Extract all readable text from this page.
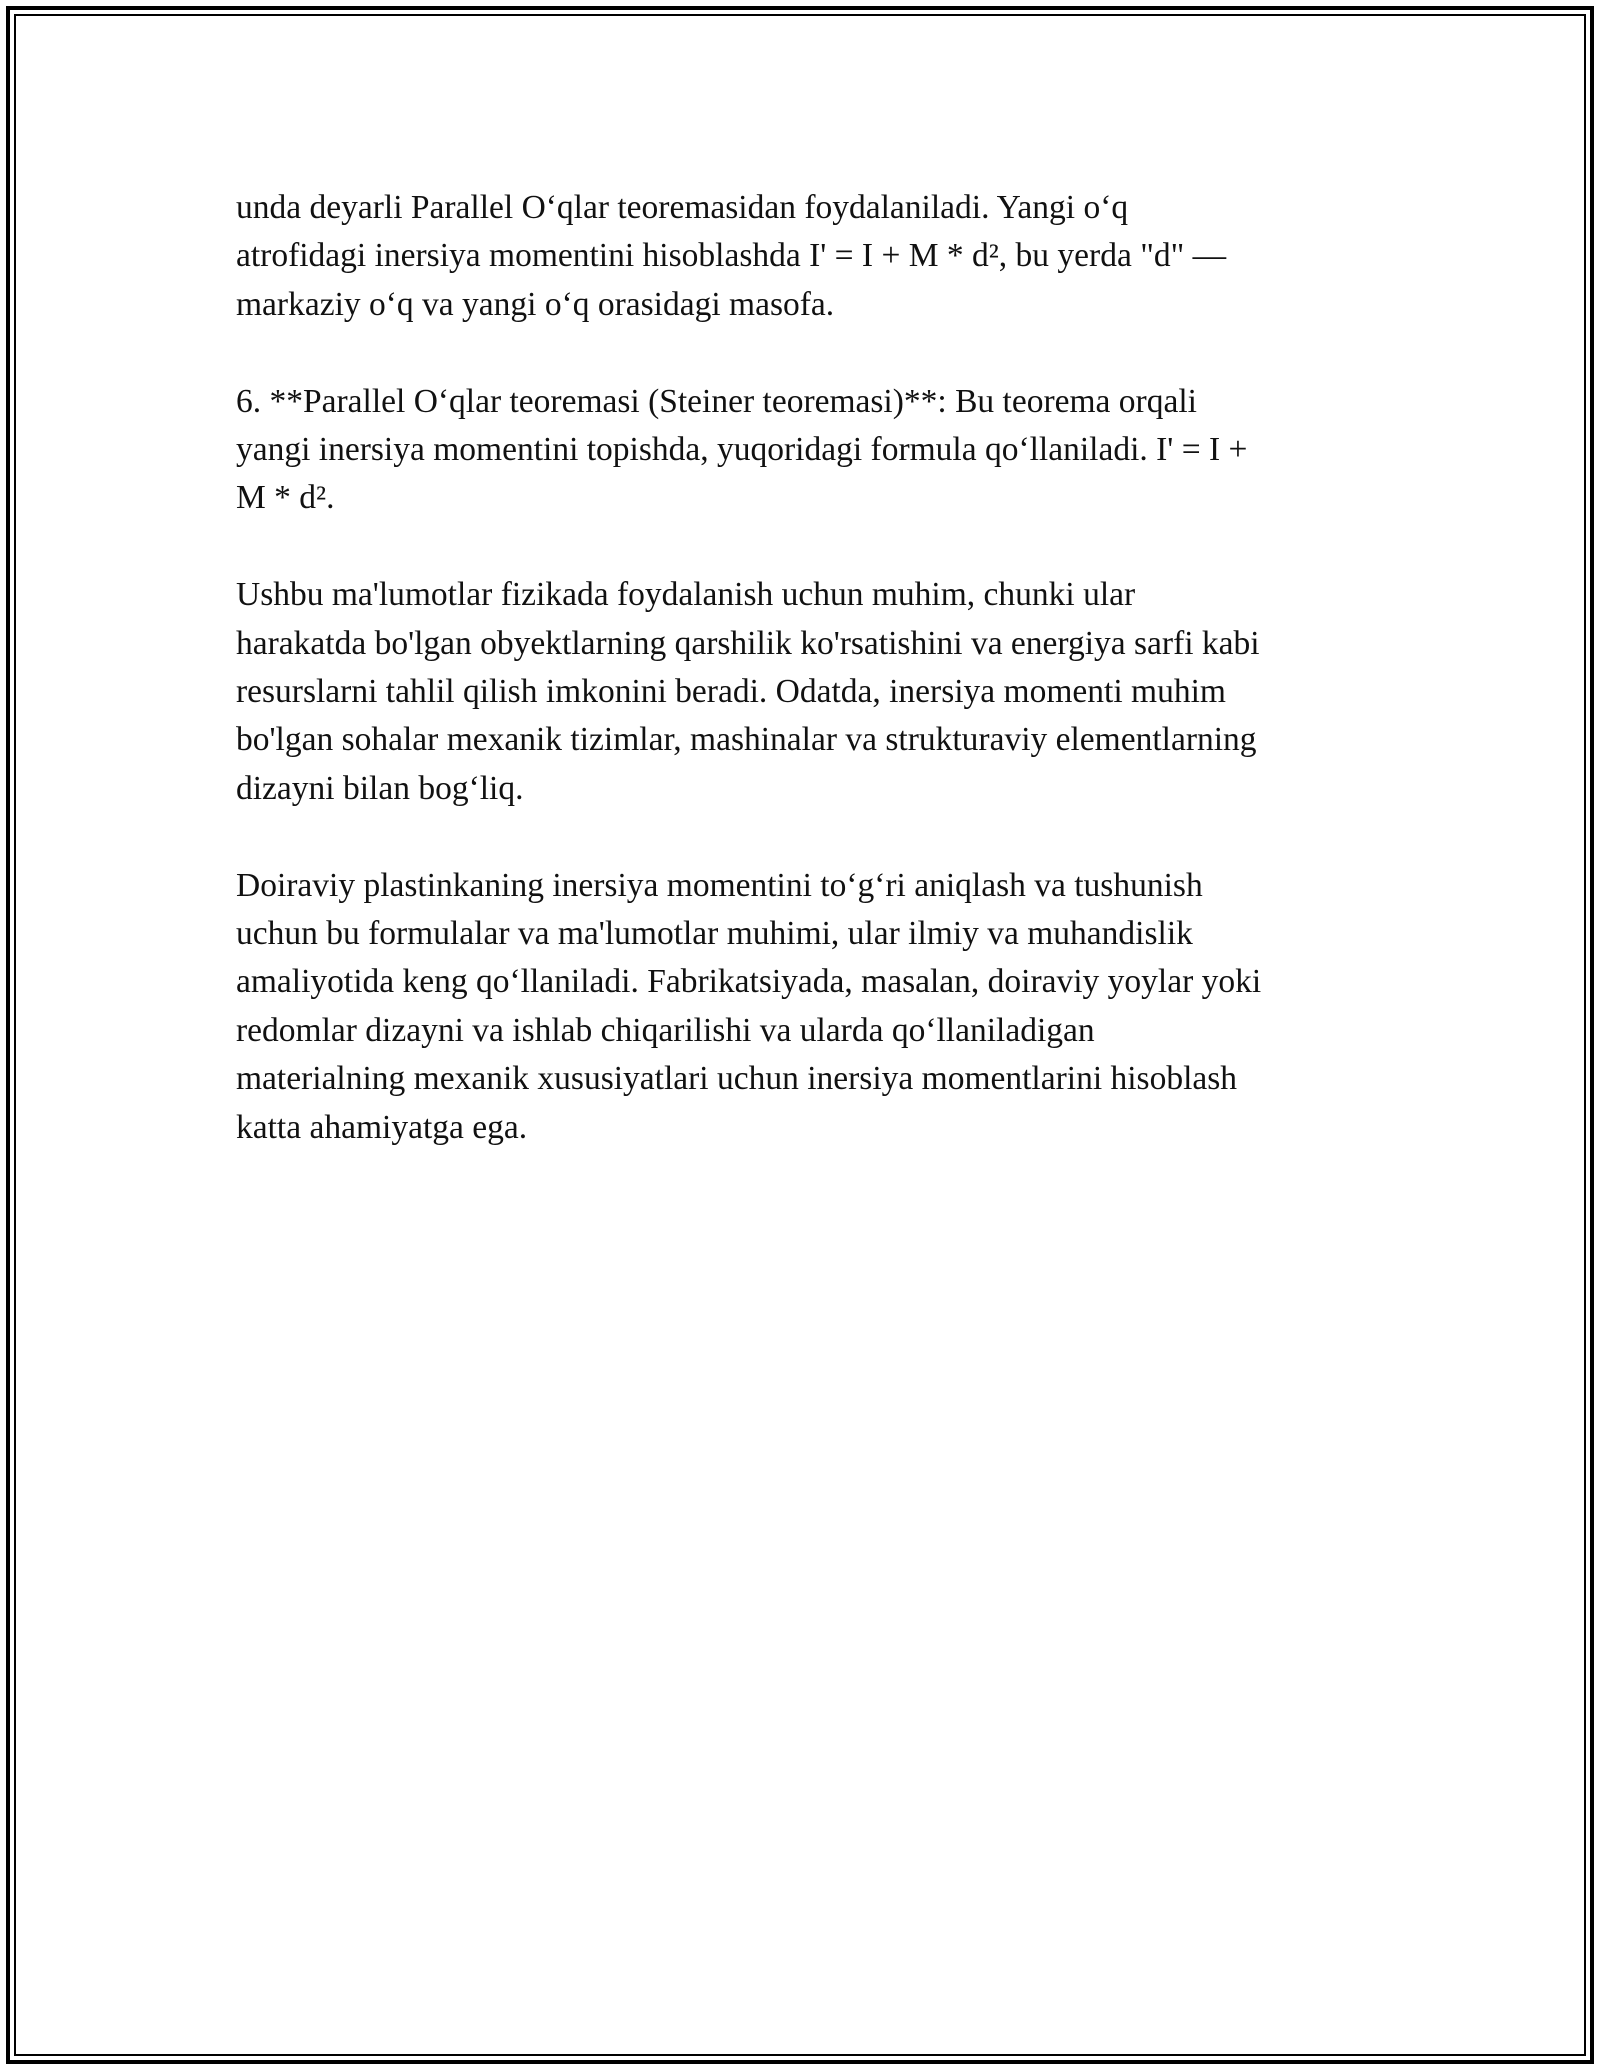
unda deyarli Parallel Oʻqlar teoremasidan foydalaniladi. Yangi oʻq
atrofidagi inersiya momentini hisoblashda I' = I + M * d², bu yerda "d" —
markaziy oʻq va yangi oʻq orasidagi masofa.

6. **Parallel Oʻqlar teoremasi (Steiner teoremasi)**: Bu teorema orqali
yangi inersiya momentini topishda, yuqoridagi formula qoʻllaniladi. I' = I +
M * d².

Ushbu ma'lumotlar fizikada foydalanish uchun muhim, chunki ular
harakatda bo'lgan obyektlarning qarshilik ko'rsatishini va energiya sarfi kabi
resurslarni tahlil qilish imkonini beradi. Odatda, inersiya momenti muhim
bo'lgan sohalar mexanik tizimlar, mashinalar va strukturaviy elementlarning
dizayni bilan bogʻliq.

Doiraviy plastinkaning inersiya momentini toʻgʻri aniqlash va tushunish
uchun bu formulalar va ma'lumotlar muhimi, ular ilmiy va muhandislik
amaliyotida keng qoʻllaniladi. Fabrikatsiyada, masalan, doiraviy yoylar yoki
redomlar dizayni va ishlab chiqarilishi va ularda qoʻllaniladigan
materialning mexanik xususiyatlari uchun inersiya momentlarini hisoblash
katta ahamiyatga ega.
